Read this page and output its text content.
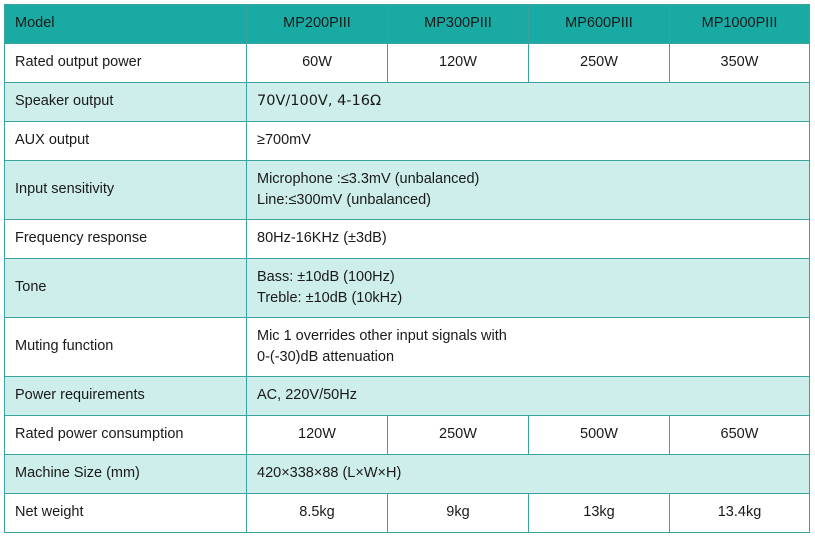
Model	MP200PIII	MP300PIII	MP600PIII	MP1000PIII
Rated output power	60W	120W	250W	350W
Speaker output	70V/100V, 4-16Ω			
AUX output	≥700mV			
Input sensitivity	Microphone :≤3.3mV (unbalanced)
Line:≤300mV (unbalanced)			

Frequency response	80Hz-16KHz (±3dB)			
Tone	Bass: ±10dB (100Hz)
Treble: ±10dB (10kHz)			

Muting function	Mic 1 overrides other input signals with
0-(-30)dB attenuation			

Power requirements	AC, 220V/50Hz			
Rated power consumption	120W	250W	500W	650W
Machine Size (mm)	420×338×88 (L×W×H)			
Net weight	8.5kg	9kg	13kg	13.4kg
